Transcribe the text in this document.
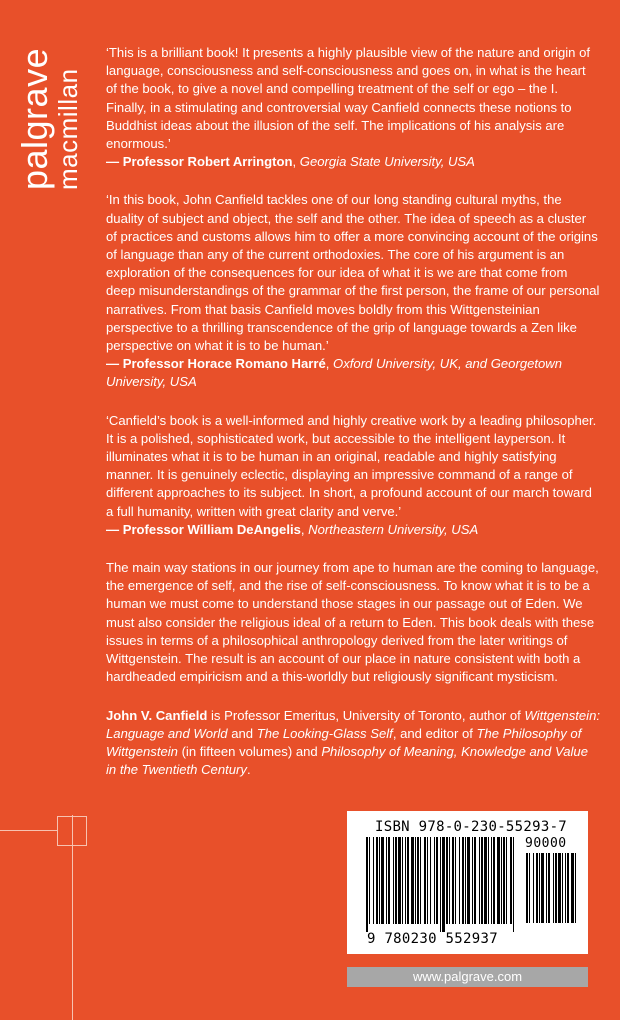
palgrave
macmillan
‘This is a brilliant book! It presents a highly plausible view of the nature and origin of language, consciousness and self-consciousness and goes on, in what is the heart of the book, to give a novel and compelling treatment of the self or ego – the I. Finally, in a stimulating and controversial way Canfield connects these notions to Buddhist ideas about the illusion of the self. The implications of his analysis are enormous.’
— Professor Robert Arrington, Georgia State University, USA
‘In this book, John Canfield tackles one of our long standing cultural myths, the duality of subject and object, the self and the other. The idea of speech as a cluster of practices and customs allows him to offer a more convincing account of the origins of language than any of the current orthodoxies. The core of his argument is an exploration of the consequences for our idea of what it is we are that come from deep misunderstandings of the grammar of the first person, the frame of our personal narratives. From that basis Canfield moves boldly from this Wittgensteinian perspective to a thrilling transcendence of the grip of language towards a Zen like perspective on what it is to be human.’
— Professor Horace Romano Harré, Oxford University, UK, and Georgetown University, USA
‘Canfield’s book is a well-informed and highly creative work by a leading philosopher. It is a polished, sophisticated work, but accessible to the intelligent layperson. It illuminates what it is to be human in an original, readable and highly satisfying manner. It is genuinely eclectic, displaying an impressive command of a range of different approaches to its subject. In short, a profound account of our march toward a full humanity, written with great clarity and verve.’
— Professor William DeAngelis, Northeastern University, USA
The main way stations in our journey from ape to human are the coming to language, the emergence of self, and the rise of self-consciousness. To know what it is to be a human we must come to understand those stages in our passage out of Eden. We must also consider the religious ideal of a return to Eden. This book deals with these issues in terms of a philosophical anthropology derived from the later writings of Wittgenstein. The result is an account of our place in nature consistent with both a hardheaded empiricism and a this-worldly but religiously significant mysticism.
John V. Canfield is Professor Emeritus, University of Toronto, author of Wittgenstein: Language and World and The Looking-Glass Self, and editor of The Philosophy of Wittgenstein (in fifteen volumes) and Philosophy of Meaning, Knowledge and Value in the Twentieth Century.
ISBN 978-0-230-55293-7
90000
9 780230 552937
www.palgrave.com
